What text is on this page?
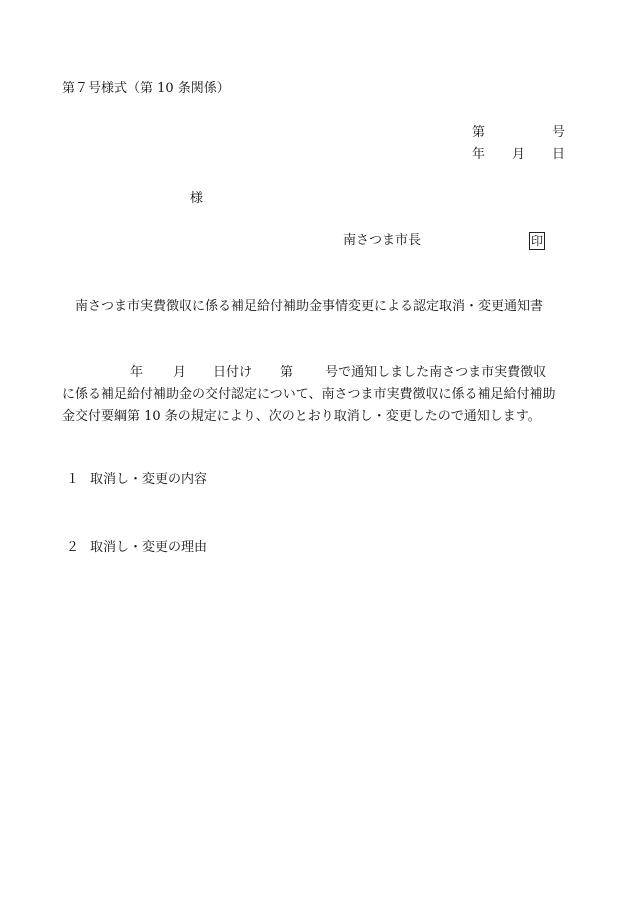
第７号様式（第 10 条関係）
第	号
年 月 日
様
南さつま市長	印
南さつま市実費徴収に係る補足給付補助金事情変更による認定取消・変更通知書
年 月 日付け 第 号で通知しました南さつま市実費徴収
に係る補足給付補助金の交付認定について、南さつま市実費徴収に係る補足給付補助
金交付要綱第 10 条の規定により、次のとおり取消し・変更したので通知します。
１ 取消し・変更の内容
２ 取消し・変更の理由
